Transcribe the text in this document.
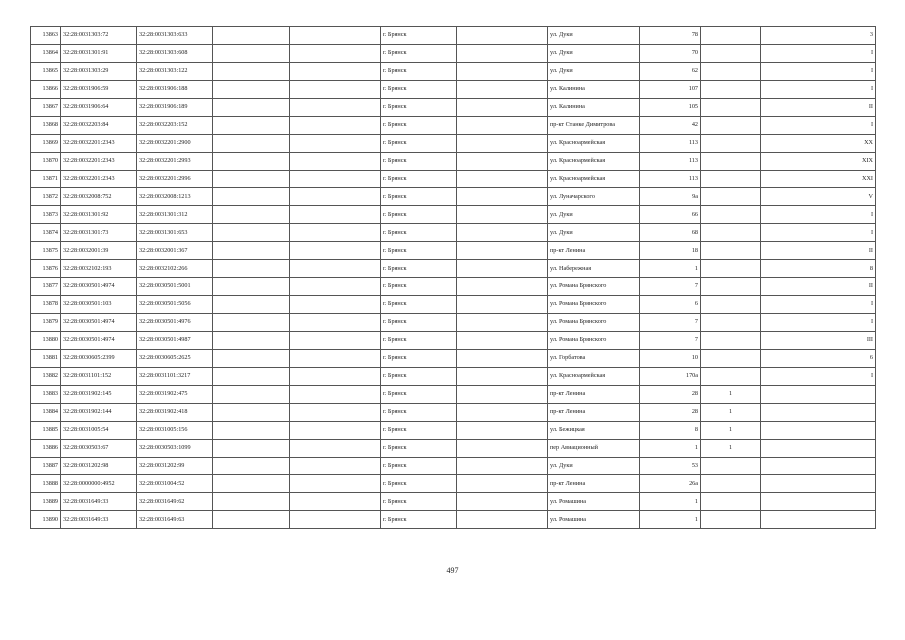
13863	32:28:0031303:72	32:28:0031303:633			г. Брянск		ул. Дуки	78		3
13864	32:28:0031301:91	32:28:0031303:608			г. Брянск		ул. Дуки	70		I
13865	32:28:0031303:29	32:28:0031303:122			г. Брянск		ул. Дуки	62		I
13866	32:28:0031906:59	32:28:0031906:188			г. Брянск		ул. Калинина	107		I
13867	32:28:0031906:64	32:28:0031906:189			г. Брянск		ул. Калинина	105		II
13868	32:28:0032203:84	32:28:0032203:152			г. Брянск		пр-кт Станке Димитрова	42		I
13869	32:28:0032201:2343	32:28:0032201:2900			г. Брянск		ул. Красноармейская	113		XX
13870	32:28:0032201:2343	32:28:0032201:2993			г. Брянск		ул. Красноармейская	113		XIX
13871	32:28:0032201:2343	32:28:0032201:2996			г. Брянск		ул. Красноармейская	113		XXI
13872	32:28:0032008:752	32:28:0032008:1213			г. Брянск		ул. Луначарского	9а		V
13873	32:28:0031301:92	32:28:0031301:312			г. Брянск		ул. Дуки	66		I
13874	32:28:0031301:73	32:28:0031301:653			г. Брянск		ул. Дуки	68		I
13875	32:28:0032001:39	32:28:0032001:367			г. Брянск		пр-кт Ленина	18		II
13876	32:28:0032102:193	32:28:0032102:266			г. Брянск		ул. Набережная	1		8
13877	32:28:0030501:4974	32:28:0030501:5001			г. Брянск		ул. Романа Брянского	7		II
13878	32:28:0030501:103	32:28:0030501:5056			г. Брянск		ул. Романа Брянского	6		I
13879	32:28:0030501:4974	32:28:0030501:4976			г. Брянск		ул. Романа Брянского	7		I
13880	32:28:0030501:4974	32:28:0030501:4987			г. Брянск		ул. Романа Брянского	7		III
13881	32:28:0030605:2399	32:28:0030605:2625			г. Брянск		ул. Горбатова	10		6
13882	32:28:0031101:152	32:28:0031101:3217			г. Брянск		ул. Красноармейская	170а		I
13883	32:28:0031902:145	32:28:0031902:475			г. Брянск		пр-кт Ленина	28	1	
13884	32:28:0031902:144	32:28:0031902:418			г. Брянск		пр-кт Ленина	28	1	
13885	32:28:0031005:54	32:28:0031005:156			г. Брянск		ул. Бежицкая	8	1	
13886	32:28:0030503:67	32:28:0030503:1099			г. Брянск		пер Авиационный	1	1	
13887	32:28:0031202:98	32:28:0031202:99			г. Брянск		ул. Дуки	53		
13888	32:28:0000000:4952	32:28:0031004:52			г. Брянск		пр-кт Ленина	26а		
13889	32:28:0031649:33	32:28:0031649:62			г. Брянск		ул. Ромашина	1		
13890	32:28:0031649:33	32:28:0031649:63			г. Брянск		ул. Ромашина	1		
497
